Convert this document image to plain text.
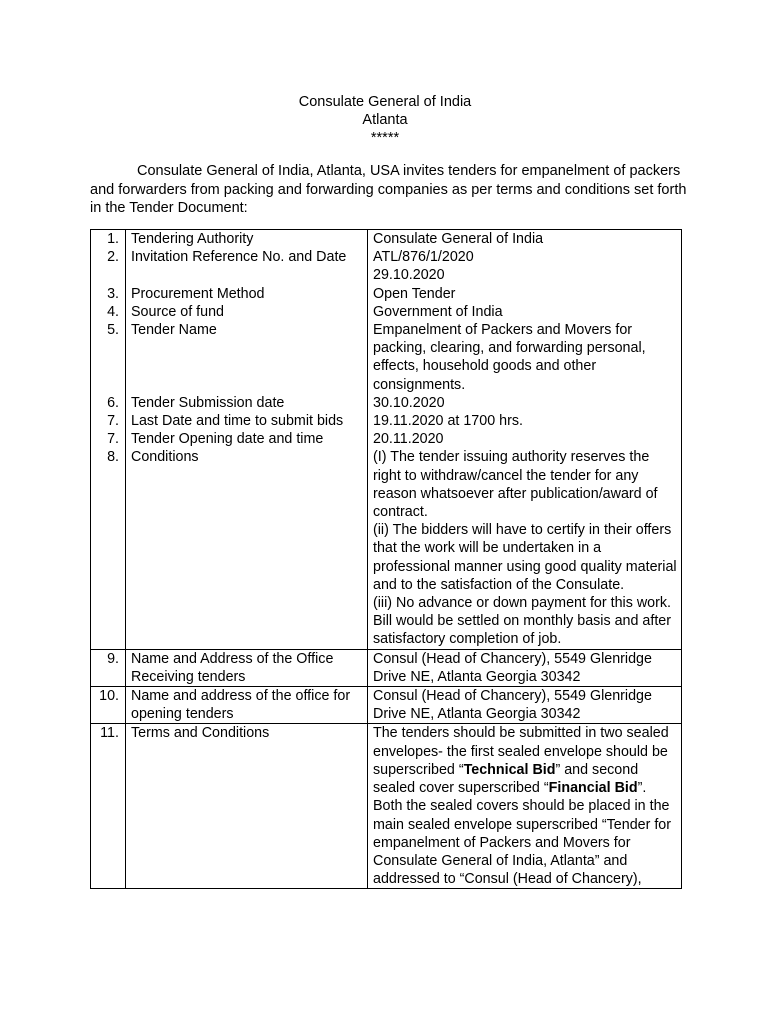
Consulate General of India
Atlanta
*****
Consulate General of India, Atlanta, USA invites tenders for empanelment of packers and forwarders from packing and forwarding companies as per terms and conditions set forth in the Tender Document:
1.	Tendering Authority	Consulate General of India
2.	Invitation Reference No. and Date	ATL/876/1/2020
29.10.2020

3.	Procurement Method	Open Tender
4.	Source of fund	Government of India
5.	Tender Name	Empanelment of Packers and Movers for packing, clearing, and forwarding personal, effects, household goods and other consignments.
6.	Tender Submission date	30.10.2020
7.	Last Date and time to submit bids	19.11.2020 at 1700 hrs.
7.	Tender Opening date and time	20.11.2020
8.	Conditions	(I) The tender issuing authority reserves the right to withdraw/cancel the tender for any reason whatsoever after publication/award of contract.

(ii) The bidders will have to certify in their offers that the work will be undertaken in a professional manner using good quality material and to the satisfaction of the Consulate.

(iii) No advance or down payment for this work. Bill would be settled on monthly basis and after satisfactory completion of job.

9.	Name and Address of the Office Receiving tenders	Consul (Head of Chancery), 5549 Glenridge Drive NE, Atlanta Georgia 30342
10.	Name and address of the office for opening tenders	Consul (Head of Chancery), 5549 Glenridge Drive NE, Atlanta Georgia 30342
11.	Terms and Conditions	The tenders should be submitted in two sealed envelopes- the first sealed envelope should be superscribed “Technical Bid” and second sealed cover superscribed “Financial Bid”. Both the sealed covers should be placed in the main sealed envelope superscribed “Tender for empanelment of Packers and Movers for Consulate General of India, Atlanta” and addressed to “Consul (Head of Chancery),
